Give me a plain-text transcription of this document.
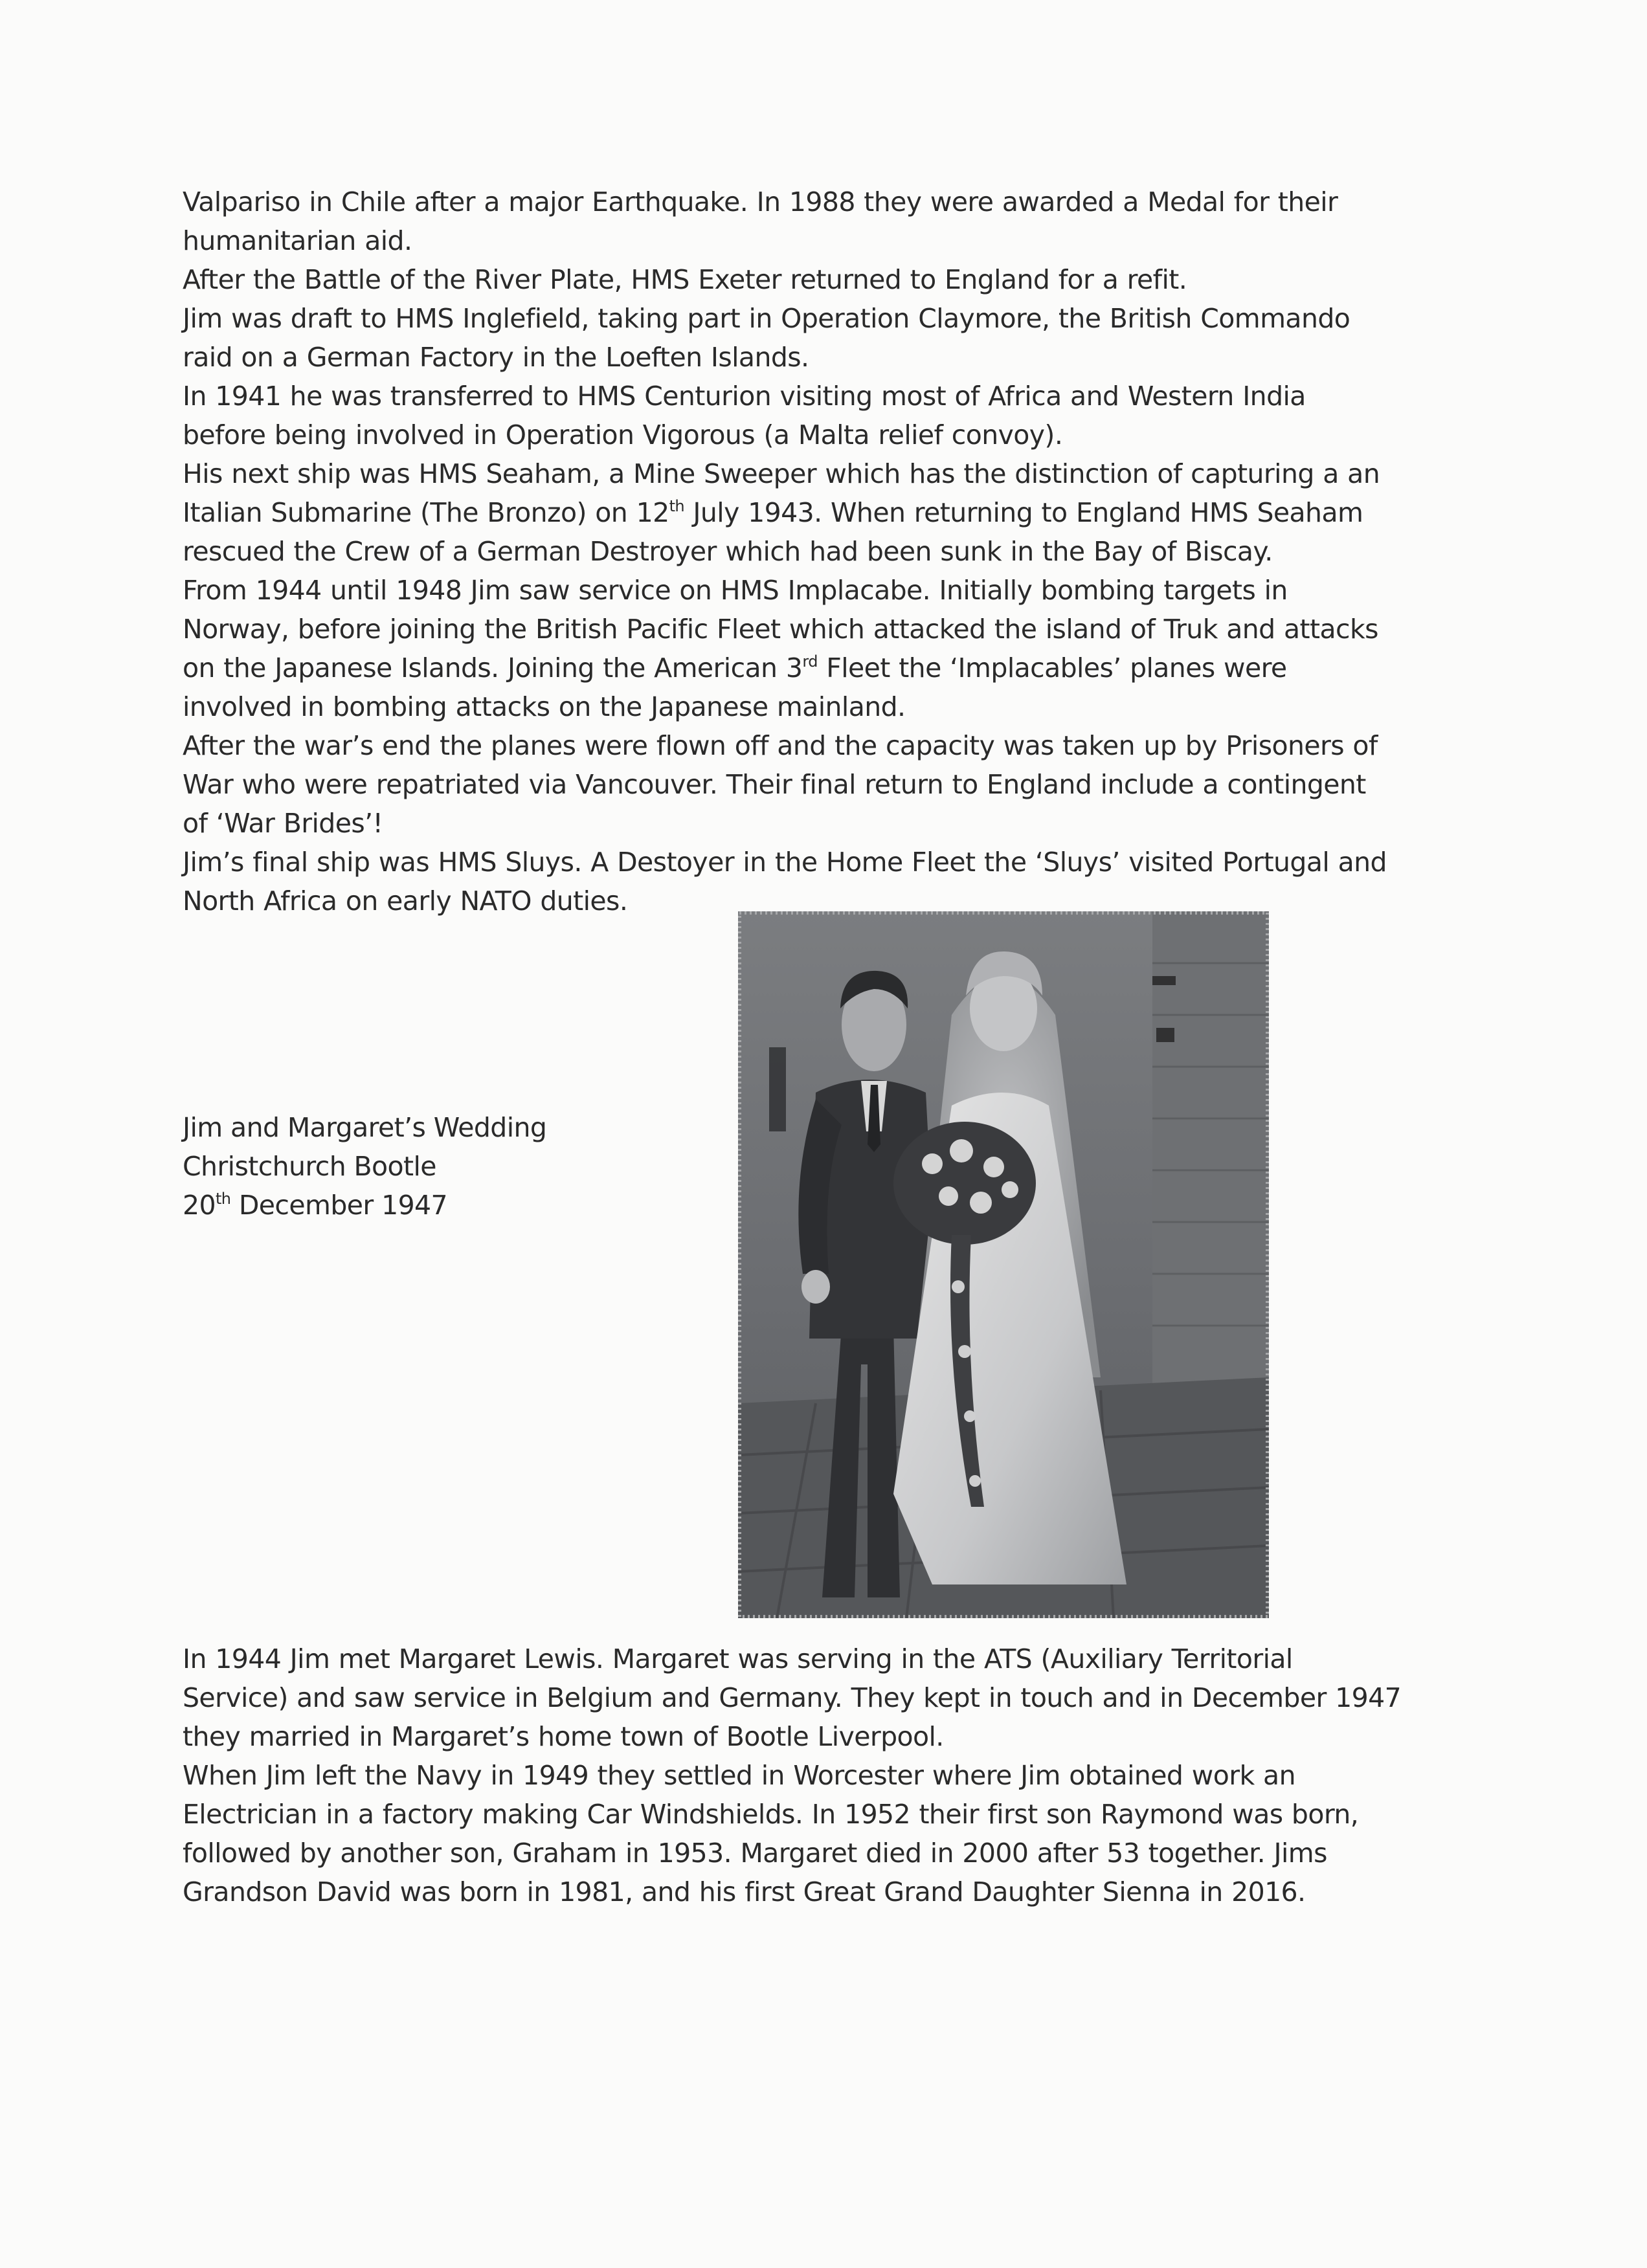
Valpariso in Chile after a major Earthquake. In 1988 they were awarded a Medal for their
humanitarian aid.
After the Battle of the River Plate, HMS Exeter returned to England for a refit.
Jim was draft to HMS Inglefield, taking part in Operation Claymore, the British Commando
raid on a German Factory in the Loeften Islands.
In 1941 he was transferred to HMS Centurion visiting most of Africa and Western India
before being involved in Operation Vigorous (a Malta relief convoy).
His next ship was HMS Seaham, a Mine Sweeper which has the distinction of capturing a an
Italian Submarine (The Bronzo) on 12th July 1943. When returning to England HMS Seaham
rescued the Crew of a German Destroyer which had been sunk in the Bay of Biscay.
From 1944 until 1948 Jim saw service on HMS Implacabe. Initially bombing targets in
Norway, before joining the British Pacific Fleet which attacked the island of Truk and attacks
on the Japanese Islands. Joining the American 3rd Fleet the ‘Implacables’ planes were
involved in bombing attacks on the Japanese mainland.
After the war’s end the planes were flown off and the capacity was taken up by Prisoners of
War who were repatriated via Vancouver. Their final return to England include a contingent
of ‘War Brides’!
Jim’s final ship was HMS Sluys. A Destoyer in the Home Fleet the ‘Sluys’ visited Portugal and
North Africa on early NATO duties.
Jim and Margaret’s Wedding
Christchurch Bootle
20th December 1947
In 1944 Jim met Margaret Lewis. Margaret was serving in the ATS (Auxiliary Territorial
Service) and saw service in Belgium and Germany. They kept in touch and in December 1947
they married in Margaret’s home town of Bootle Liverpool.
When Jim left the Navy in 1949 they settled in Worcester where Jim obtained work an
Electrician in a factory making Car Windshields. In 1952 their first son Raymond was born,
followed by another son, Graham in 1953. Margaret died in 2000 after 53 together. Jims
Grandson David was born in 1981, and his first Great Grand Daughter Sienna in 2016.
